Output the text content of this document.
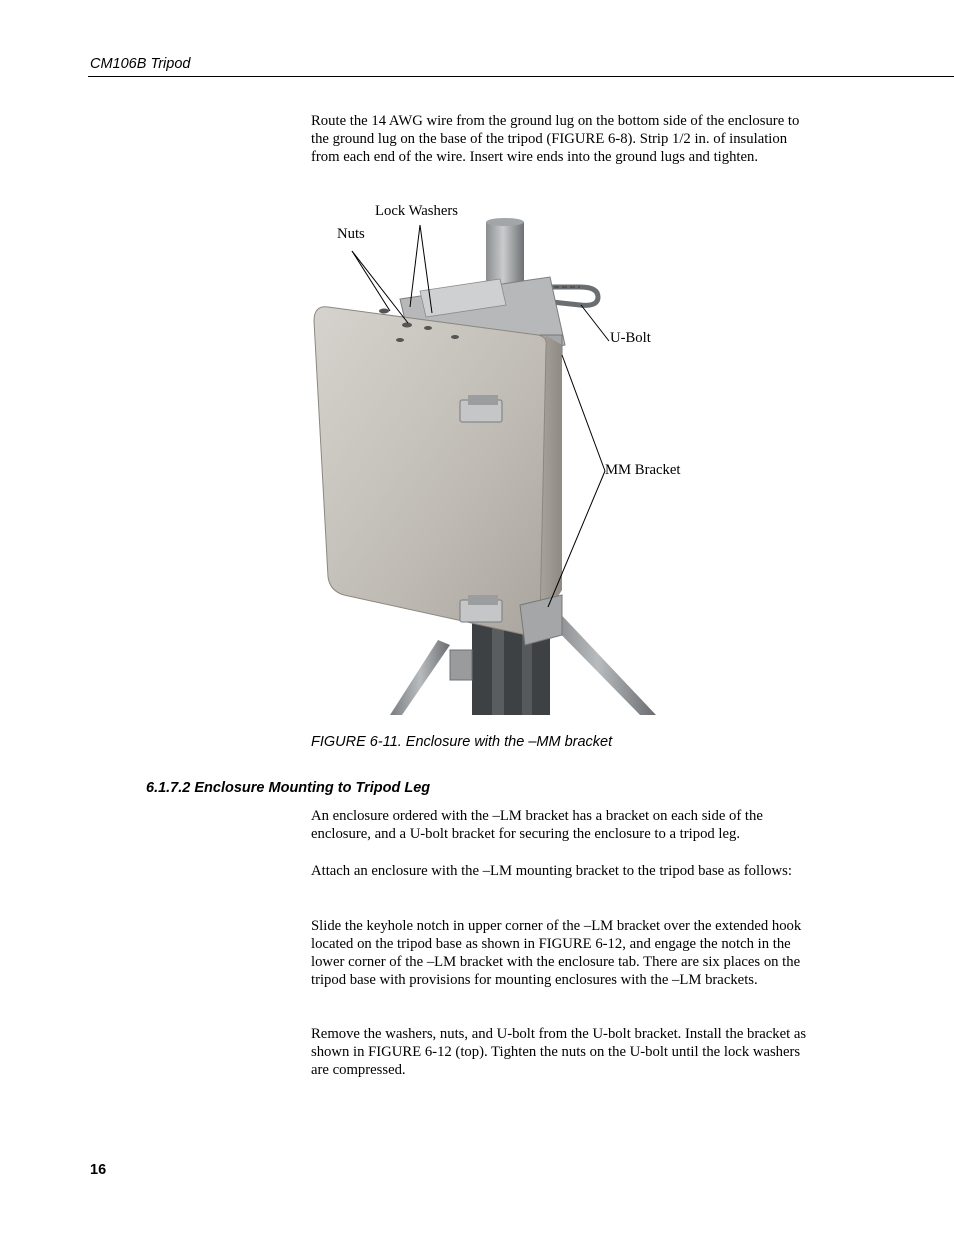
CM106B Tripod

Route the 14 AWG wire from the ground lug on the bottom side of the enclosure to the ground lug on the base of the tripod (FIGURE 6-8). Strip 1/2 in. of insulation from each end of the wire. Insert wire ends into the ground lugs and tighten.

Lock Washers
Nuts
U-Bolt
MM Bracket
FIGURE 6-11. Enclosure with the –MM bracket
6.1.7.2 Enclosure Mounting to Tripod Leg

An enclosure ordered with the –LM bracket has a bracket on each side of the enclosure, and a U-bolt bracket for securing the enclosure to a tripod leg.

Attach an enclosure with the –LM mounting bracket to the tripod base as follows:

Slide the keyhole notch in upper corner of the –LM bracket over the extended hook located on the tripod base as shown in FIGURE 6-12, and engage the notch in the lower corner of the –LM bracket with the enclosure tab. There are six places on the tripod base with provisions for mounting enclosures with the –LM brackets.

Remove the washers, nuts, and U-bolt from the U-bolt bracket. Install the bracket as shown in FIGURE 6-12 (top). Tighten the nuts on the U-bolt until the lock washers are compressed.

16
